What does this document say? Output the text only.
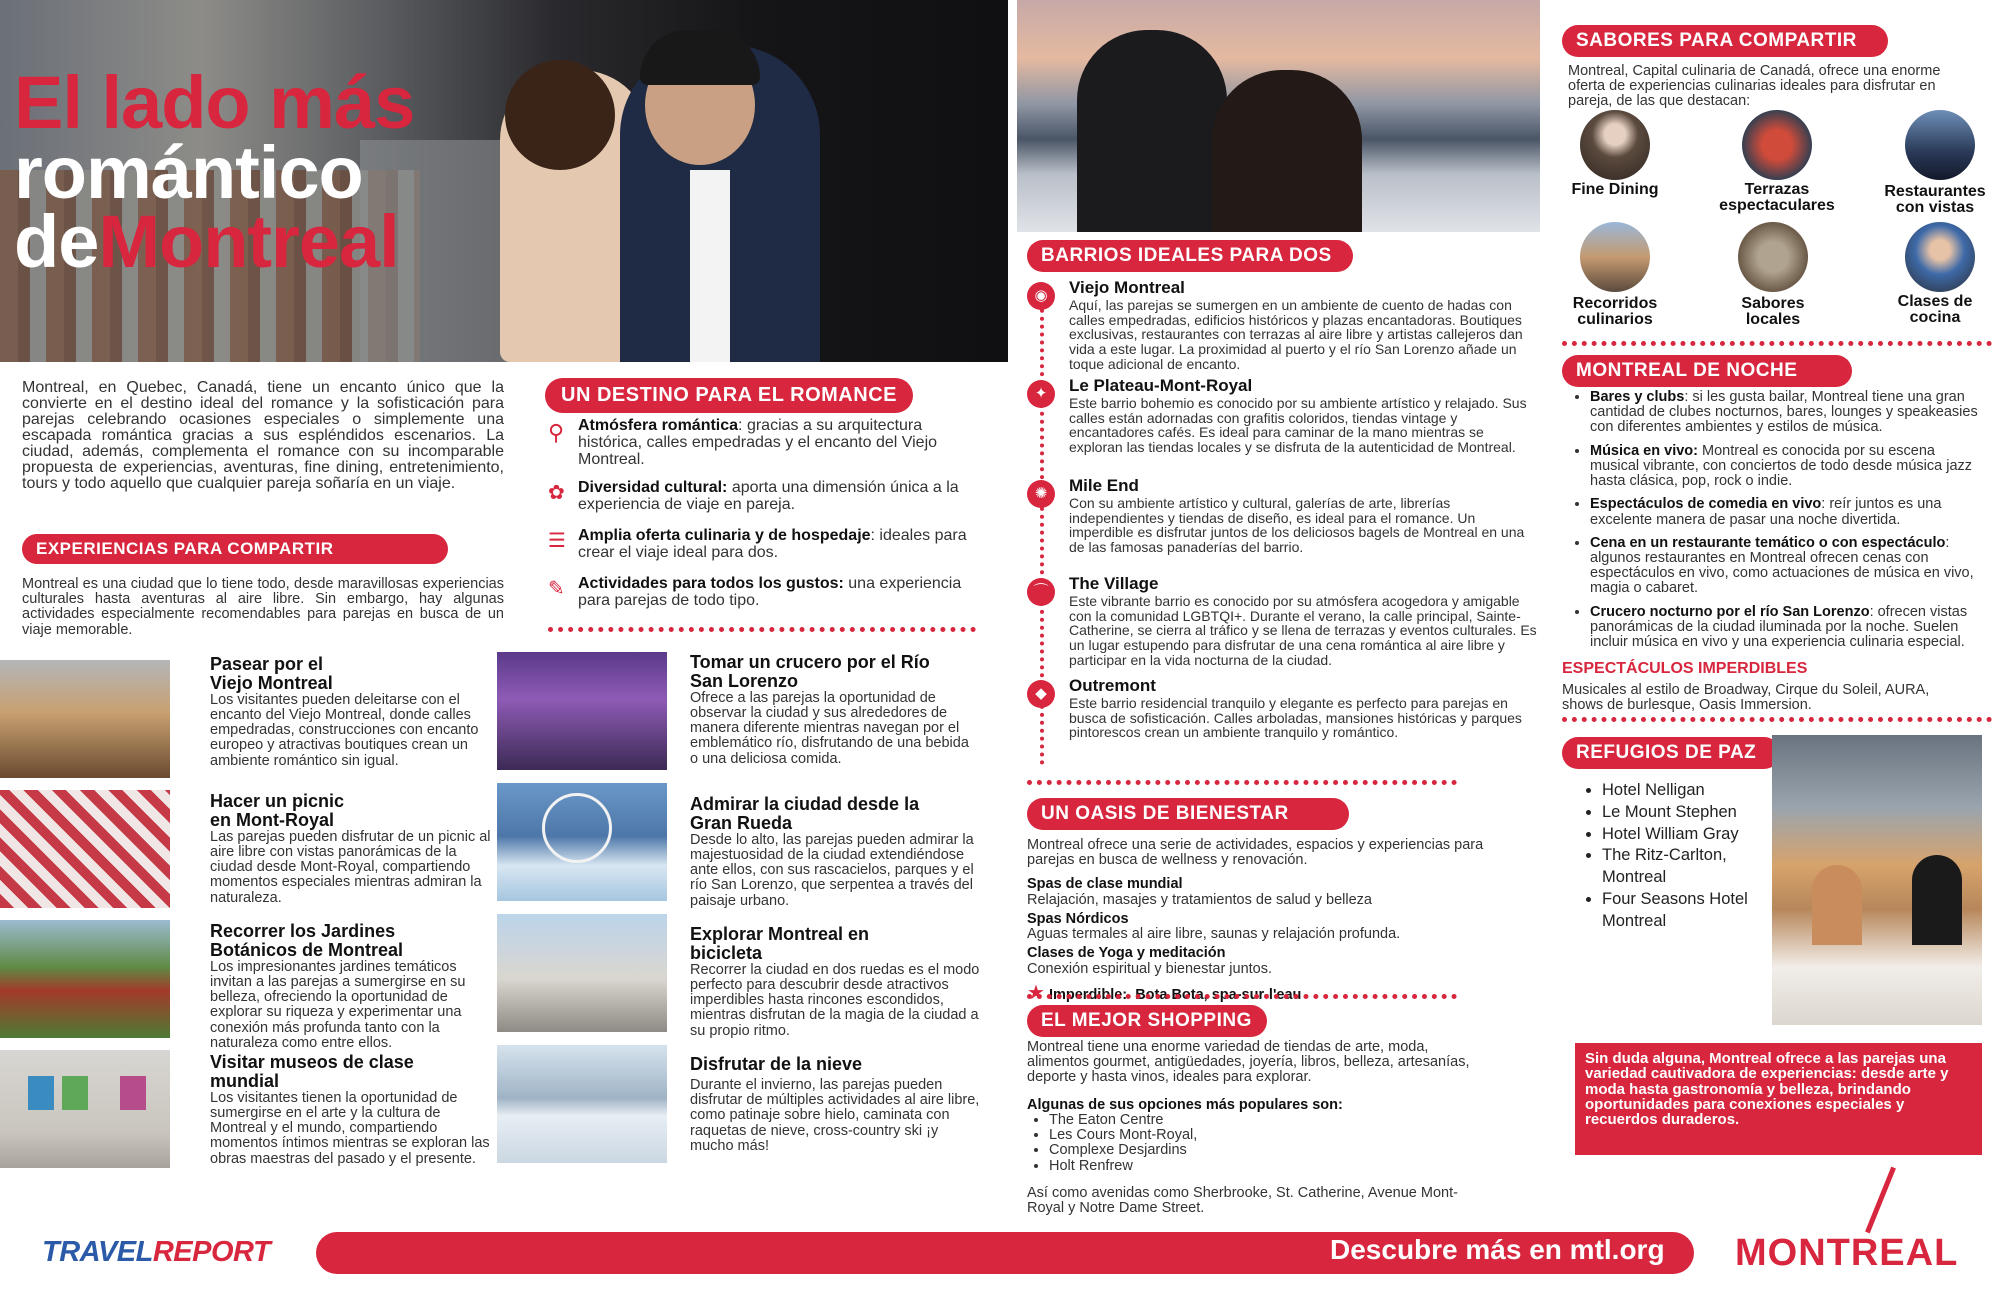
El lado más
romántico
deMontreal

Montreal, en Quebec, Canadá, tiene un encanto único que la convierte en el destino ideal del romance y la sofisticación para parejas celebrando ocasiones especiales o simplemente una escapada romántica gracias a sus espléndidos escenarios. La ciudad, además, complementa el romance con su incomparable propuesta de experiencias, aventuras, fine dining, entretenimiento, tours y todo aquello que cualquier pareja soñaría en un viaje.

UN DESTINO PARA EL ROMANCE
⚲ Atmósfera romántica: gracias a su arquitectura histórica, calles empedradas y el encanto del Viejo Montreal.

✿ Diversidad cultural: aporta una dimensión única a la experiencia de viaje en pareja.

☰ Amplia oferta culinaria y de hospedaje: ideales para crear el viaje ideal para dos.

✎ Actividades para todos los gustos: una experiencia para parejas de todo tipo.

EXPERIENCIAS PARA COMPARTIR

Montreal es una ciudad que lo tiene todo, desde maravillosas experiencias culturales hasta aventuras al aire libre. Sin embargo, hay algunas actividades especialmente recomendables para parejas en busca de un viaje memorable.

Pasear por el Viejo Montreal

Los visitantes pueden deleitarse con el encanto del Viejo Montreal, donde calles empedradas, construcciones con encanto europeo y atractivas boutiques crean un ambiente romántico sin igual.

Hacer un picnic en Mont-Royal

Las parejas pueden disfrutar de un picnic al aire libre con vistas panorámicas de la ciudad desde Mont-Royal, compartiendo momentos especiales mientras admiran la naturaleza.

Recorrer los Jardines Botánicos de Montreal

Los impresionantes jardines temáticos invitan a las parejas a sumergirse en su belleza, ofreciendo la oportunidad de explorar su riqueza y experimentar una conexión más profunda tanto con la naturaleza como entre ellos.

Visitar museos de clase mundial

Los visitantes tienen la oportunidad de sumergirse en el arte y la cultura de Montreal y el mundo, compartiendo momentos íntimos mientras se exploran las obras maestras del pasado y el presente.

Tomar un crucero por el Río San Lorenzo

Ofrece a las parejas la oportunidad de observar la ciudad y sus alrededores de manera diferente mientras navegan por el emblemático río, disfrutando de una bebida o una deliciosa comida.

Admirar la ciudad desde la Gran Rueda

Desde lo alto, las parejas pueden admirar la majestuosidad de la ciudad extendiéndose ante ellos, con sus rascacielos, parques y el río San Lorenzo, que serpentea a través del paisaje urbano.

Explorar Montreal en bicicleta

Recorrer la ciudad en dos ruedas es el modo perfecto para descubrir desde atractivos imperdibles hasta rincones escondidos, mientras disfrutan de la magia de la ciudad a su propio ritmo.

Disfrutar de la nieve

Durante el invierno, las parejas pueden disfrutar de múltiples actividades al aire libre, como patinaje sobre hielo, caminata con raquetas de nieve, cross-country ski ¡y mucho más!

BARRIOS IDEALES PARA DOS
◉	Viejo Montreal

Aquí, las parejas se sumergen en un ambiente de cuento de hadas con calles empedradas, edificios históricos y plazas encantadoras. Boutiques exclusivas, restaurantes con terrazas al aire libre y artistas callejeros dan vida a este lugar. La proximidad al puerto y el río San Lorenzo añade un toque adicional de encanto.

✦	Le Plateau-Mont-Royal

Este barrio bohemio es conocido por su ambiente artístico y relajado. Sus calles están adornadas con grafitis coloridos, tiendas vintage y encantadores cafés. Es ideal para caminar de la mano mientras se exploran las tiendas locales y se disfruta de la autenticidad de Montreal.

✺	Mile End

Con su ambiente artístico y cultural, galerías de arte, librerías independientes y tiendas de diseño, es ideal para el romance. Un imperdible es disfrutar juntos de los deliciosos bagels de Montreal en una de las famosas panaderías del barrio.

⌒	The Village

Este vibrante barrio es conocido por su atmósfera acogedora y amigable con la comunidad LGBTQI+. Durante el verano, la calle principal, Sainte-Catherine, se cierra al tráfico y se llena de terrazas y eventos culturales. Es un lugar estupendo para disfrutar de una cena romántica al aire libre y participar en la vida nocturna de la ciudad.

◆	Outremont

Este barrio residencial tranquilo y elegante es perfecto para parejas en busca de sofisticación. Calles arboladas, mansiones históricas y parques pintorescos crean un ambiente tranquilo y romántico.

UN OASIS DE BIENESTAR

Montreal ofrece una serie de actividades, espacios y experiencias para parejas en busca de wellness y renovación.

Spas de clase mundial
Relajación, masajes y tratamientos de salud y belleza
Spas Nórdicos
Aguas termales al aire libre, saunas y relajación profunda.
Clases de Yoga y meditación
Conexión espiritual y bienestar juntos.
★ Imperdible: Bota Bota, spa-sur-l'eau
EL MEJOR SHOPPING

Montreal tiene una enorme variedad de tiendas de arte, moda, alimentos gourmet, antigüedades, joyería, libros, belleza, artesanías, deporte y hasta vinos, ideales para explorar.

Algunas de sus opciones más populares son:
• The Eaton Centre
• Les Cours Mont-Royal,
• Complexe Desjardins
• Holt Renfrew

Así como avenidas como Sherbrooke, St. Catherine, Avenue Mont-Royal y Notre Dame Street.

SABORES PARA COMPARTIR

Montreal, Capital culinaria de Canadá, ofrece una enorme oferta de experiencias culinarias ideales para disfrutar en pareja, de las que destacan:

Fine Dining	Terrazas espectaculares
Restaurantes con vistas
Recorridos culinarios
Sabores locales
Clases de cocina
MONTREAL DE NOCHE
• Bares y clubs: si les gusta bailar, Montreal tiene una gran cantidad de clubes nocturnos, bares, lounges y speakeasies con diferentes ambientes y estilos de música.
• Música en vivo: Montreal es conocida por su escena musical vibrante, con conciertos de todo desde música jazz hasta clásica, pop, rock o indie.
• Espectáculos de comedia en vivo: reír juntos es una excelente manera de pasar una noche divertida.
• Cena en un restaurante temático o con espectáculo: algunos restaurantes en Montreal ofrecen cenas con espectáculos en vivo, como actuaciones de música en vivo, magia o cabaret.
• Crucero nocturno por el río San Lorenzo: ofrecen vistas panorámicas de la ciudad iluminada por la noche. Suelen incluir música en vivo y una experiencia culinaria especial.
ESPECTÁCULOS IMPERDIBLES

Musicales al estilo de Broadway, Cirque du Soleil, AURA, shows de burlesque, Oasis Immersion.

REFUGIOS DE PAZ
• Hotel Nelligan
• Le Mount Stephen
• Hotel William Gray
• The Ritz-Carlton, Montreal
• Four Seasons Hotel Montreal

Sin duda alguna, Montreal ofrece a las parejas una variedad cautivadora de experiencias: desde arte y moda hasta gastronomía y belleza, brindando oportunidades para conexiones especiales y recuerdos duraderos.

TRAVELREPORT	Descubre más en mtl.org MONTREAL
